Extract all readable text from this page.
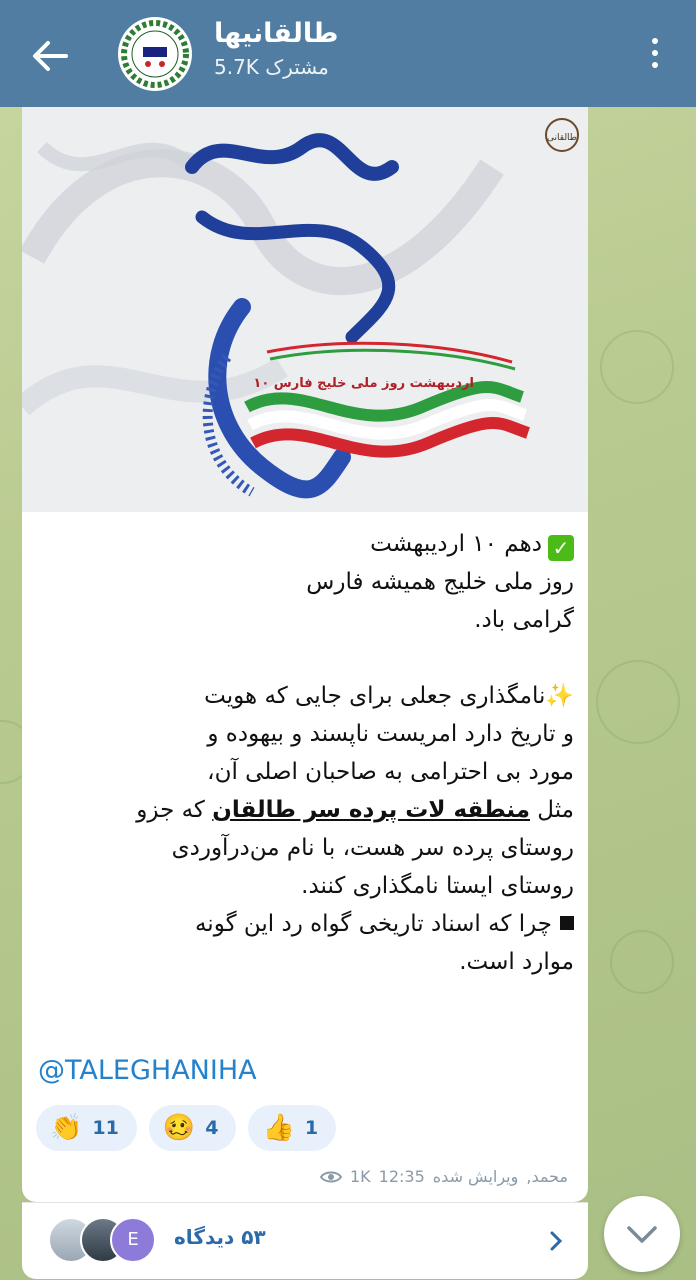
طالقانیها
5.7K مشترک
۱۰ اردیبهشت روز ملی خلیج فارس
طالقانی
✓دهم ۱۰ اردیبهشت
روز ملی خلیج همیشه فارس
گرامی باد.

✨نامگذاری جعلی برای جایی که هویت
و تاریخ دارد امریست ناپسند و بیهوده و
مورد بی احترامی به صاحبان اصلی آن،
مثل منطقه لات پرده سر طالقان که جزو
روستای پرده سر هست، با نام من‌درآوردی
روستای ایستا نامگذاری کنند.
چرا که اسناد تاریخی گواه رد این گونه
موارد است.
@TALEGHANIHA
👏 11 🥴 4 👍 1
محمد,
ویرایش شده
12:35
1K
E	۵۳ دیدگاه
